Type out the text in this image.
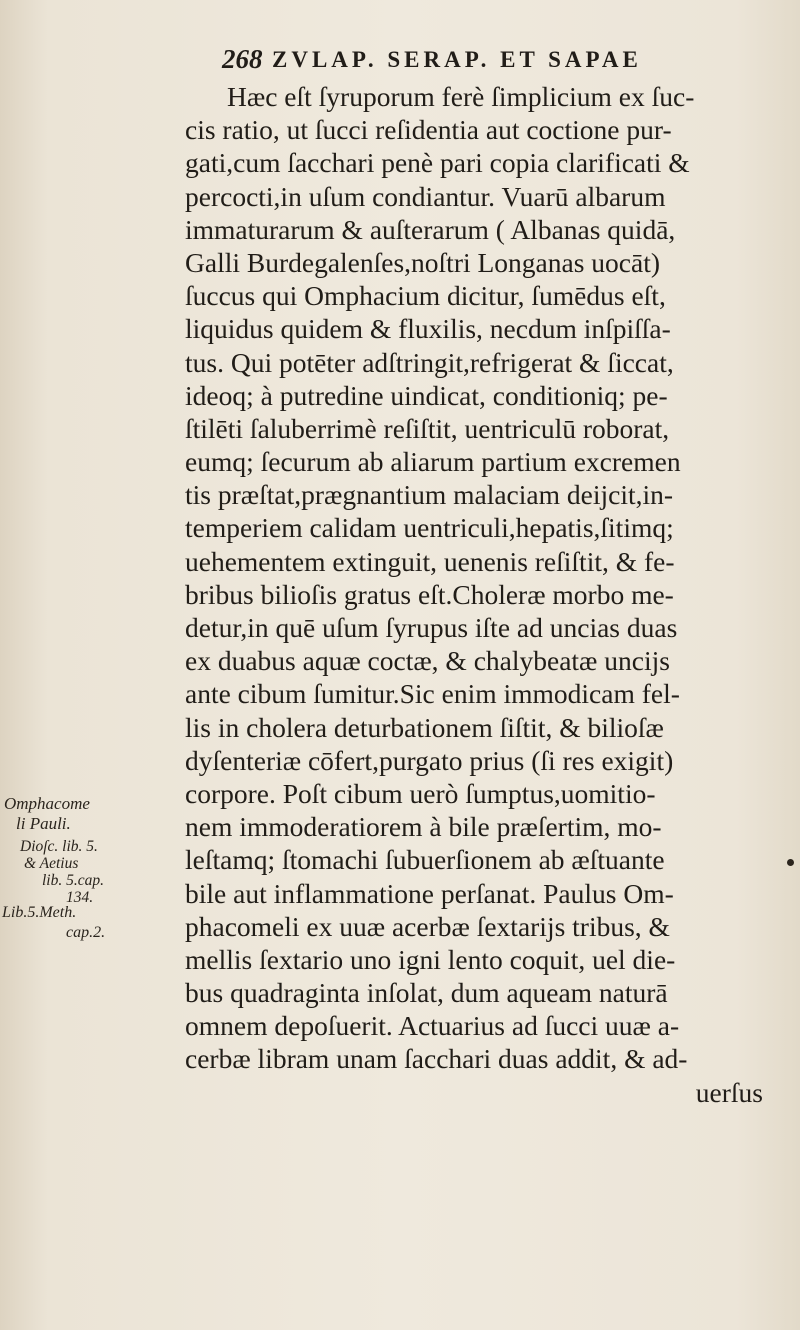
268 ZVLAP. SERAP. ET SAPAE
Hæc eſt ſyruporum ferè ſimplicium ex ſuc-
cis ratio, ut ſucci reſidentia aut coctione pur-
gati,cum ſacchari penè pari copia clarificati &
percocti,in uſum condiantur. Vuarū albarum
immaturarum & auſterarum ( Albanas quidā,
Galli Burdegalenſes,noſtri Longanas uocāt)
ſuccus qui Omphacium dicitur, ſumēdus eſt,
liquidus quidem & fluxilis, necdum inſpiſſa-
tus. Qui potēter adſtringit,refrigerat & ſiccat,
ideoq; à putredine uindicat, conditioniq; pe-
ſtilēti ſaluberrimè reſiſtit, uentriculū roborat,
eumq; ſecurum ab aliarum partium excremen
tis præſtat,prægnantium malaciam deijcit,in-
temperiem calidam uentriculi,hepatis,ſitimq;
uehementem extinguit, uenenis reſiſtit, & fe-
bribus bilioſis gratus eſt.Choleræ morbo me-
detur,in quē uſum ſyrupus iſte ad uncias duas
ex duabus aquæ coctæ, & chalybeatæ uncijs
ante cibum ſumitur.Sic enim immodicam fel-
lis in cholera deturbationem ſiſtit, & bilioſæ
dyſenteriæ cōfert,purgato prius (ſi res exigit)
corpore. Poſt cibum uerò ſumptus,uomitio-
nem immoderatiorem à bile præſertim, mo-
leſtamq; ſtomachi ſubuerſionem ab æſtuante
bile aut inflammatione perſanat. Paulus Om-
phacomeli ex uuæ acerbæ ſextarijs tribus, &
mellis ſextario uno igni lento coquit, uel die-
bus quadraginta inſolat, dum aqueam naturā
omnem depoſuerit. Actuarius ad ſucci uuæ a-
cerbæ libram unam ſacchari duas addit, & ad-
uerſus
Omphacome
li Pauli.
Dioſc. lib. 5.
& Aetius
lib. 5.cap.
134.
Lib.5.Meth.
cap.2.
